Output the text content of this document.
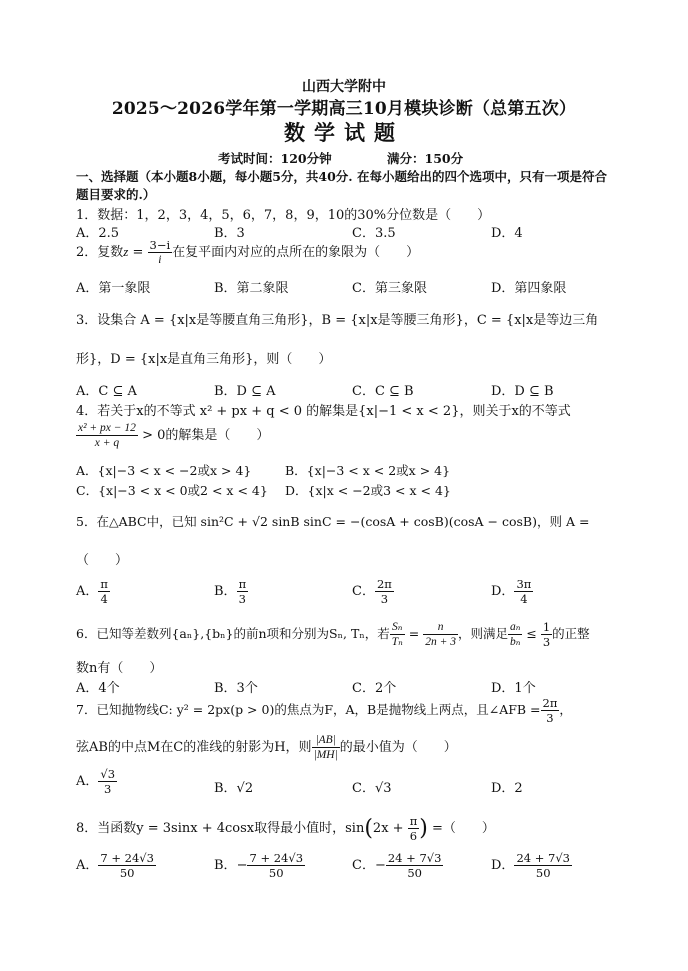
山西大学附中
2025～2026学年第一学期高三10月模块诊断（总第五次）
数学试题
考试时间：120分钟	满分：150分
一、选择题（本小题8小题，每小题5分，共40分. 在每小题给出的四个选项中，只有一项是符合题目要求的.）
1．数据：1，2，3，4，5，6，7，8，9，10的30%分位数是（　　）
A．2.5	B．3	C．3.5	D．4
2．复数$z = \frac{3-i}{i}$ 在复平面内对应的点所在的象限为（　　）
A．第一象限	B．第二象限	C．第三象限	D．第四象限
3．设集合 A = {x|x是等腰直角三角形}，B = {x|x是等腰三角形}，C = {x|x是等边三角
形}，D = {x|x是直角三角形}，则（　　）
A．C ⊆ A	B．D ⊆ A	C．C ⊆ B	D．D ⊆ B
4．若关于x的不等式 x² + px + q < 0 的解集是{x|−1 < x < 2}，则关于x的不等式
$\frac{\text{x² + px − 12}}{x + q} > 0$的解集是（　　）
A．{x|−3 < x < −2或x > 4}	B．{x|−3 < x < 2或x > 4}
C．{x|−3 < x < 0或2 < x < 4} D．{x|x < −2或3 < x < 4}
5．在△ABC中，已知 sin²C + √2 sinB sinC = −(cosA + cosB)(cosA − cosB)，则 A =
（　　）
A． $\frac{\pi}{4}$	B． $\frac{\pi}{3}$	C． $\frac{2\pi}{3}$	D． $\frac{3\pi}{4}$
6．已知等差数列{aₙ},{bₙ}的前n项和分别为Sₙ, Tₙ，若 $\frac{\text{Sₙ}}{\text{Tₙ}} = \frac{n}{2n + 3}$ ，则满足 $\frac{\text{aₙ}}{\text{bₙ}} \le \frac{1}{3}$ 的正整
数n有（　　）
A．4个	B．3个	C．2个	D．1个
7．已知抛物线C: y² = 2px(p > 0)的焦点为F，A，B是抛物线上两点，且∠AFB = $\frac{2\pi}{3}$ ，
弦AB的中点M在C的准线的射影为H，则 $\frac{|AB|}{|MH|}$ 的最小值为（　　）
A． $\frac{√3}{3}$	B．√2	C．√3	D．2
8．当函数y = 3sinx + 4cosx取得最小值时，$\sin(2x + \frac{\pi}{6}$ ) =（　　）
A． $\frac{7 + 24√3}{50}$	B．− $\frac{7 + 24√3}{50}$	C．− $\frac{24 + 7√3}{50}$	D． $\frac{24 + 7√3}{50}$
